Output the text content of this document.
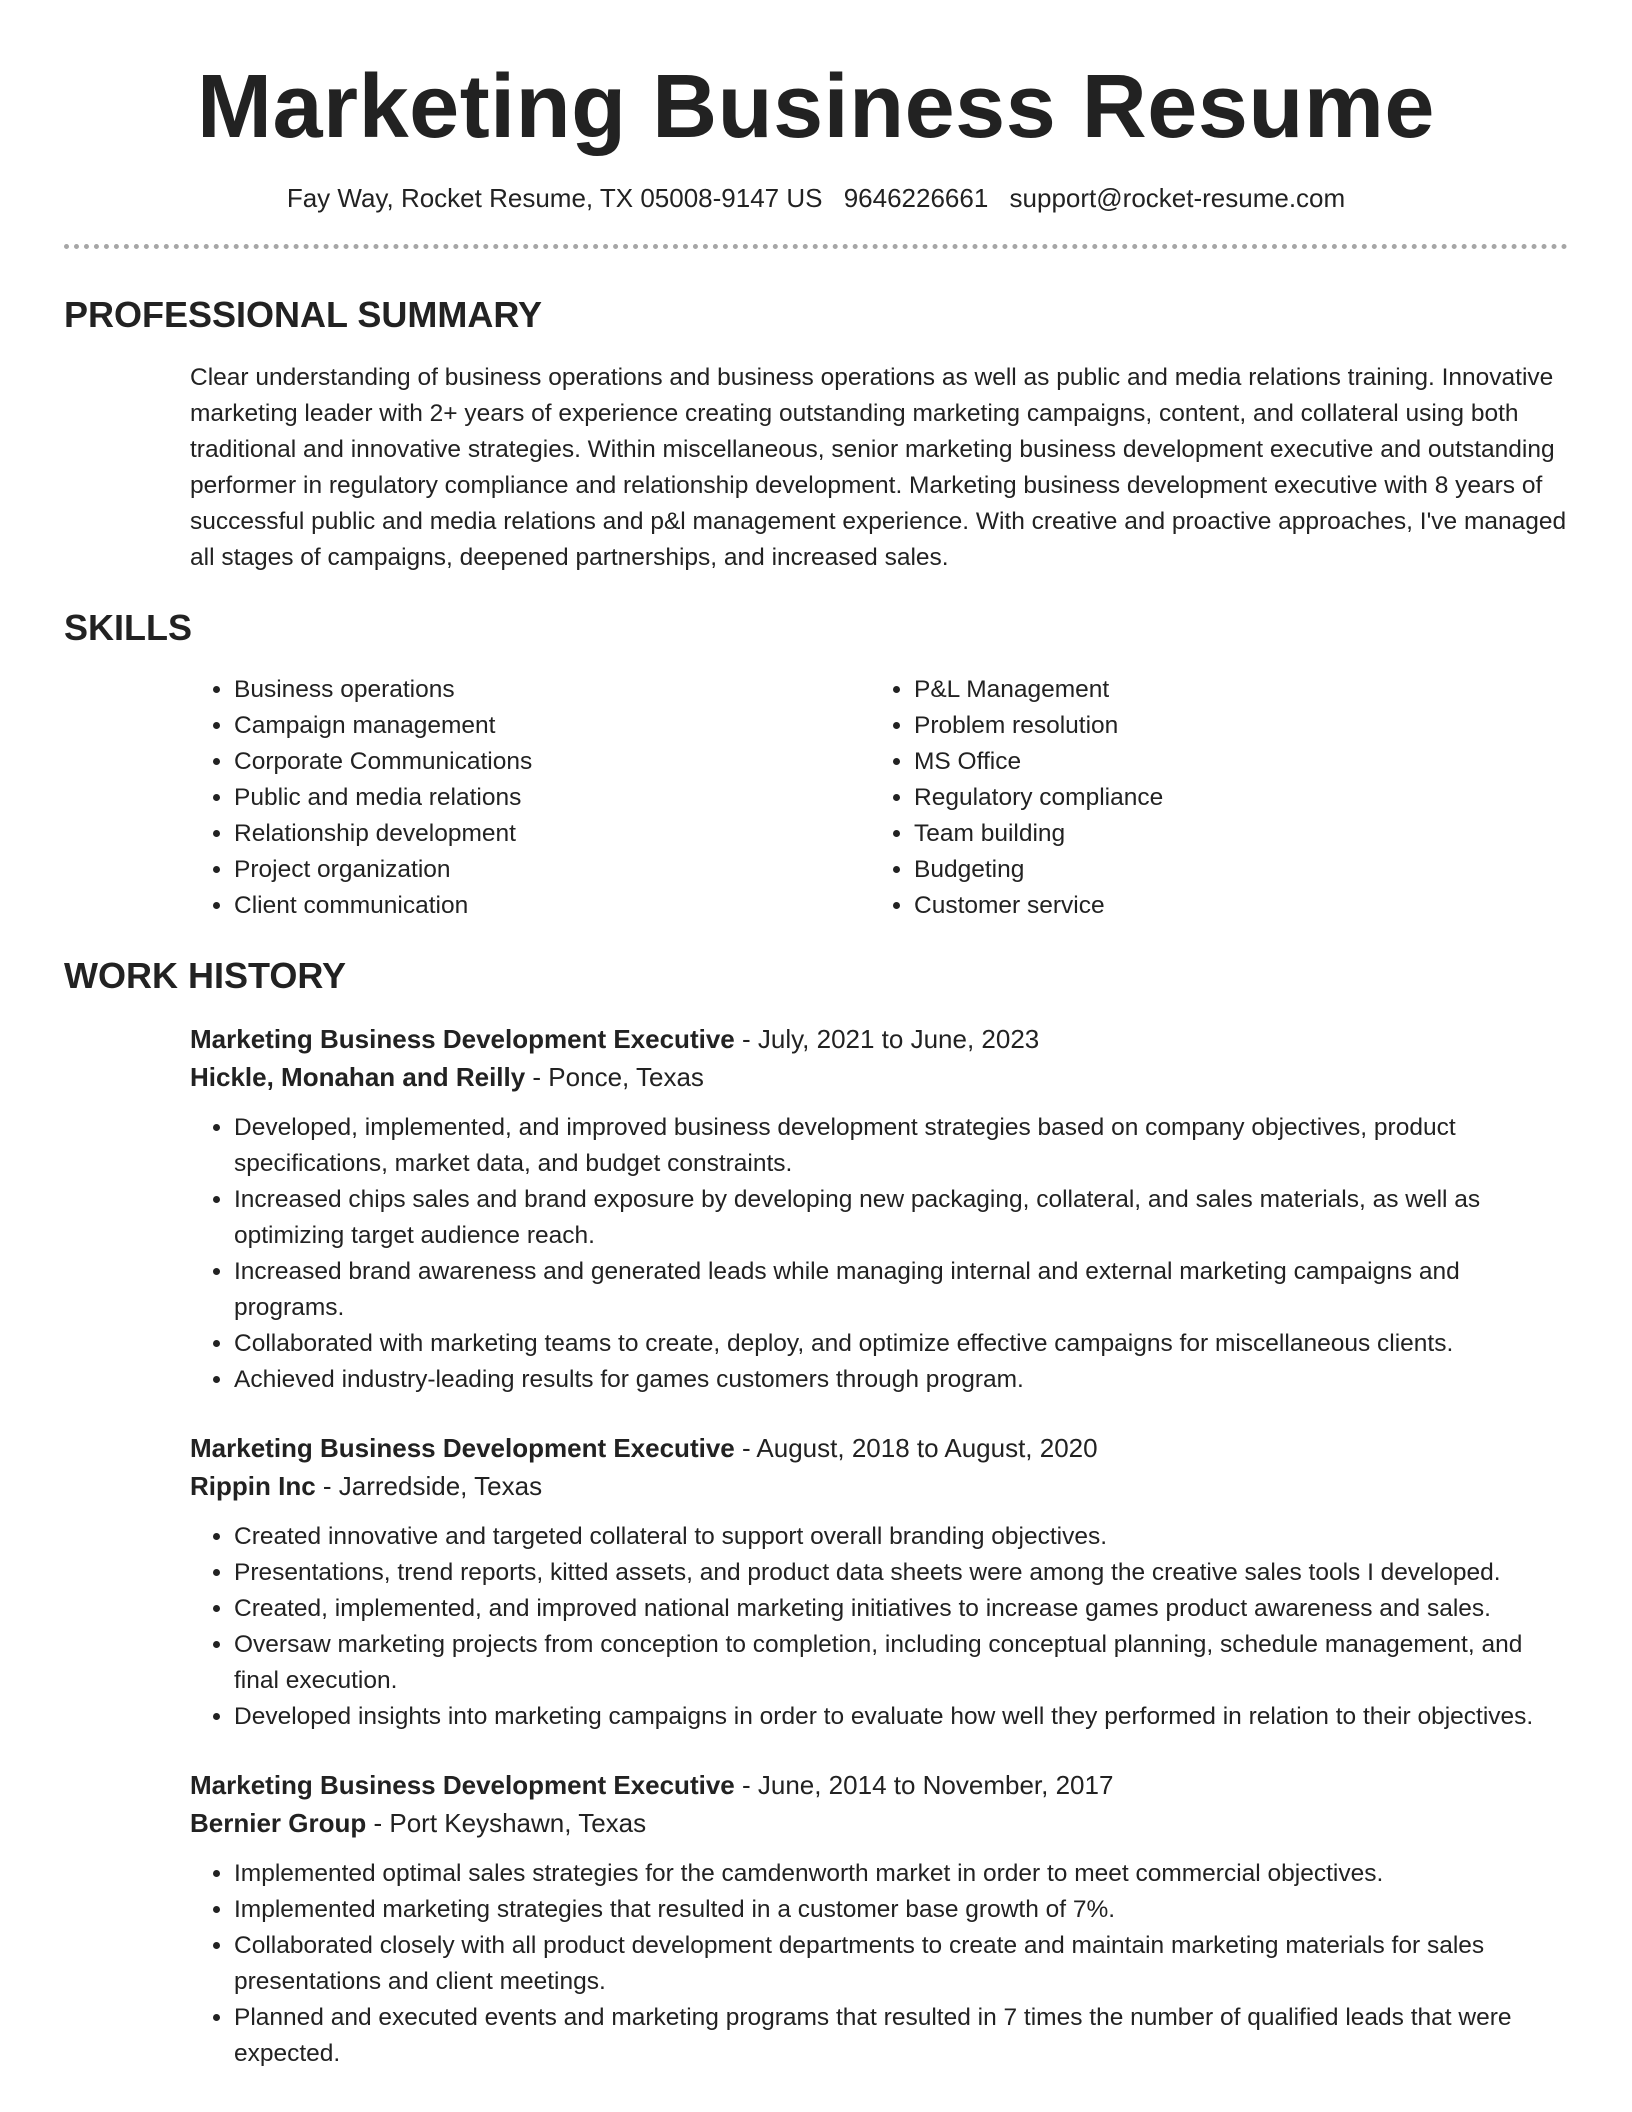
Marketing Business Resume
Fay Way, Rocket Resume, TX 05008-9147 US 9646226661 support@rocket-resume.com
PROFESSIONAL SUMMARY

Clear understanding of business operations and business operations as well as public and media relations training. Innovative marketing leader with 2+ years of experience creating outstanding marketing campaigns, content, and collateral using both traditional and innovative strategies. Within miscellaneous, senior marketing business development executive and outstanding performer in regulatory compliance and relationship development. Marketing business development executive with 8 years of successful public and media relations and p&l management experience. With creative and proactive approaches, I've managed all stages of campaigns, deepened partnerships, and increased sales.

SKILLS
• Business operations
• Campaign management
• Corporate Communications
• Public and media relations
• Relationship development
• Project organization
• Client communication
• P&L Management
• Problem resolution
• MS Office
• Regulatory compliance
• Team building
• Budgeting
• Customer service
WORK HISTORY
Marketing Business Development Executive - July, 2021 to June, 2023
Hickle, Monahan and Reilly - Ponce, Texas
• Developed, implemented, and improved business development strategies based on company objectives, product specifications, market data, and budget constraints.
• Increased chips sales and brand exposure by developing new packaging, collateral, and sales materials, as well as optimizing target audience reach.
• Increased brand awareness and generated leads while managing internal and external marketing campaigns and programs.
• Collaborated with marketing teams to create, deploy, and optimize effective campaigns for miscellaneous clients.
• Achieved industry-leading results for games customers through program.
Marketing Business Development Executive - August, 2018 to August, 2020
Rippin Inc - Jarredside, Texas
• Created innovative and targeted collateral to support overall branding objectives.
• Presentations, trend reports, kitted assets, and product data sheets were among the creative sales tools I developed.
• Created, implemented, and improved national marketing initiatives to increase games product awareness and sales.
• Oversaw marketing projects from conception to completion, including conceptual planning, schedule management, and final execution.
• Developed insights into marketing campaigns in order to evaluate how well they performed in relation to their objectives.
Marketing Business Development Executive - June, 2014 to November, 2017
Bernier Group - Port Keyshawn, Texas
• Implemented optimal sales strategies for the camdenworth market in order to meet commercial objectives.
• Implemented marketing strategies that resulted in a customer base growth of 7%.
• Collaborated closely with all product development departments to create and maintain marketing materials for sales presentations and client meetings.
• Planned and executed events and marketing programs that resulted in 7 times the number of qualified leads that were expected.
